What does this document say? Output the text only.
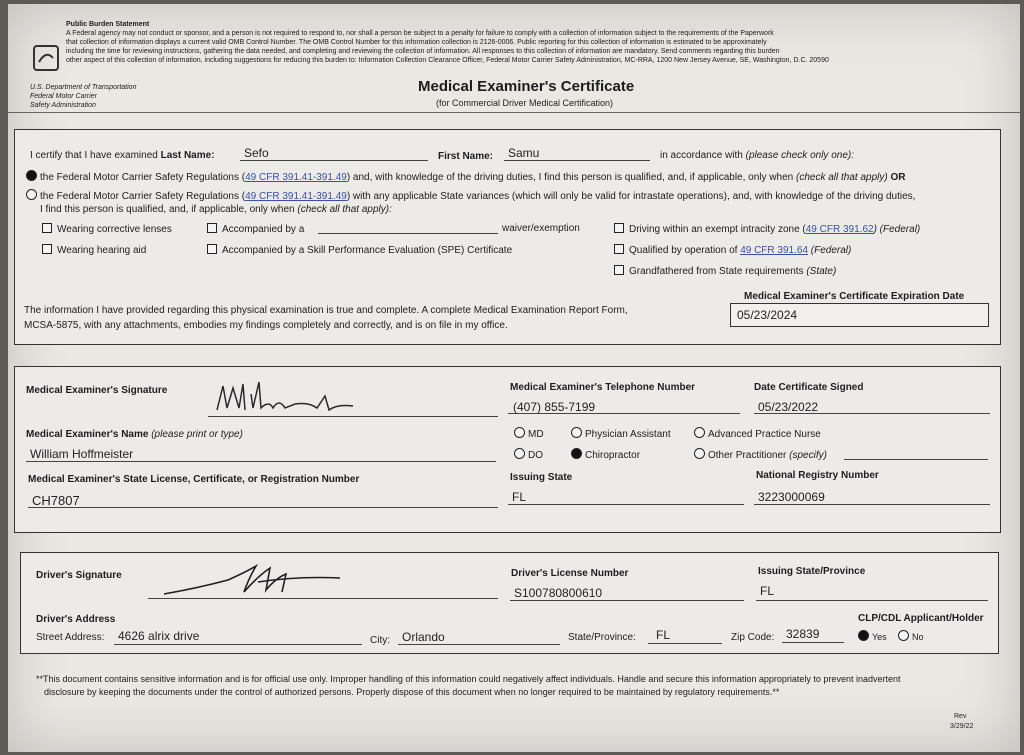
Public Burden Statement
A Federal agency may not conduct or sponsor, and a person is not required to respond to, nor shall a person be subject to a penalty for failure to comply with a collection of information subject to the requirements of the Paperwork
that collection of information displays a current valid OMB Control Number. The OMB Control Number for this information collection is 2126-0006. Public reporting for this collection of information is estimated to be approximately
including the time for reviewing instructions, gathering the data needed, and completing and reviewing the collection of information. All responses to this collection of information are mandatory. Send comments regarding this burden
other aspect of this collection of information, including suggestions for reducing this burden to: Information Collection Clearance Officer, Federal Motor Carrier Safety Administration, MC-RRA, 1200 New Jersey Avenue, SE, Washington, D.C. 20590
U.S. Department of Transportation
Federal Motor Carrier
Safety Administration
Medical Examiner's Certificate
(for Commercial Driver Medical Certification)
I certify that I have examined Last Name: Sefo	First Name: Samu	in accordance with (please check only one):
the Federal Motor Carrier Safety Regulations (49 CFR 391.41-391.49) and, with knowledge of the driving duties, I find this person is qualified, and, if applicable, only when (check all that apply) OR
the Federal Motor Carrier Safety Regulations (49 CFR 391.41-391.49) with any applicable State variances (which will only be valid for intrastate operations), and, with knowledge of the driving duties,
I find this person is qualified, and, if applicable, only when (check all that apply):
Wearing corrective lenses
Wearing hearing aid
Accompanied by a	waiver/exemption
Accompanied by a Skill Performance Evaluation (SPE) Certificate
Driving within an exempt intracity zone (49 CFR 391.62) (Federal)
Qualified by operation of 49 CFR 391.64 (Federal)
Grandfathered from State requirements (State)
The information I have provided regarding this physical examination is true and complete. A complete Medical Examination Report Form,
MCSA-5875, with any attachments, embodies my findings completely and correctly, and is on file in my office.
Medical Examiner's Certificate Expiration Date
05/23/2024
Medical Examiner's Signature	Medical Examiner's Telephone Number
(407) 855-7199
Date Certificate Signed
05/23/2022
Medical Examiner's Name (please print or type)
William Hoffmeister
MD
DO
Physician Assistant
Chiropractor
Advanced Practice Nurse
Other Practitioner (specify)
Medical Examiner's State License, Certificate, or Registration Number
CH7807
Issuing State
FL
National Registry Number
3223000069
Driver's Signature	Driver's License Number
S100780800610
Issuing State/Province
FL
Driver's Address
Street Address: 4626 alrix drive	City: Orlando	State/Province: FL	Zip Code: 32839
CLP/CDL Applicant/Holder
Yes	No
**This document contains sensitive information and is for official use only. Improper handling of this information could negatively affect individuals. Handle and secure this information appropriately to prevent inadvertent
disclosure by keeping the documents under the control of authorized persons. Properly dispose of this document when no longer required to be maintained by regulatory requirements.**
Rev
3/29/22
